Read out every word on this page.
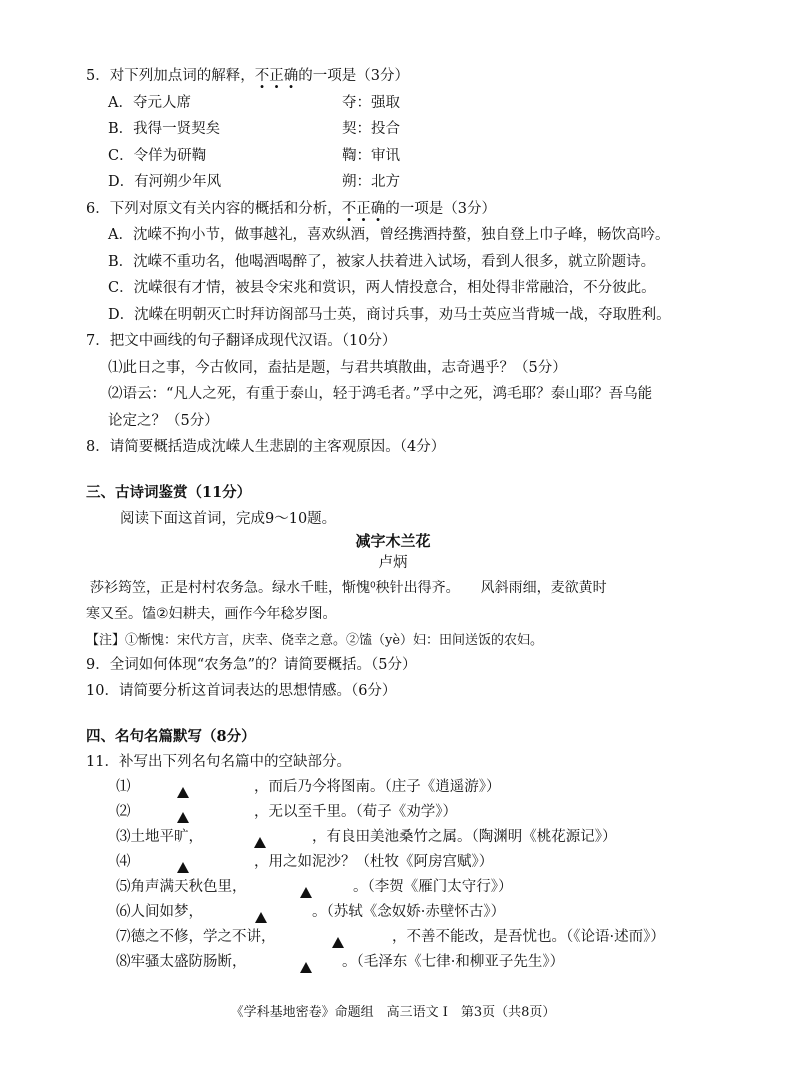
5．对下列加点词的解释，不正确的一项是（3分）
A．夺元人席	夺：强取
B．我得一贤契矣	契：投合
C．令佯为研鞫	鞫：审讯
D．有河朔少年风	朔：北方
6．下列对原文有关内容的概括和分析，不正确的一项是（3分）
A．沈嵘不拘小节，做事越礼，喜欢纵酒，曾经携酒持螯，独自登上巾子峰，畅饮高吟。
B．沈嵘不重功名，他喝酒喝醉了，被家人扶着进入试场，看到人很多，就立阶题诗。
C．沈嵘很有才情，被县令宋兆和赏识，两人情投意合，相处得非常融洽，不分彼此。
D．沈嵘在明朝灭亡时拜访阁部马士英，商讨兵事，劝马士英应当背城一战，夺取胜利。
7．把文中画线的句子翻译成现代汉语。（10分）
⑴此日之事，今古攸同，盍拈是题，与君共填散曲，志奇遇乎？（5分）
⑵语云：“凡人之死，有重于泰山，轻于鸿毛者。”孚中之死，鸿毛耶？泰山耶？吾乌能
论定之？（5分）
8．请简要概括造成沈嵘人生悲剧的主客观原因。（4分）
三、古诗词鉴赏（11分）
阅读下面这首词，完成9～10题。
减字木兰花
卢炳
莎衫筠笠，正是村村农务急。绿水千畦，惭愧⁰秧针出得齐。　　风斜雨细，麦欲黄时
寒又至。馌②妇耕夫，画作今年稔岁图。
【注】①惭愧：宋代方言，庆幸、侥幸之意。②馌（yè）妇：田间送饭的农妇。
9．全词如何体现“农务急”的？请简要概括。（5分）
10．请简要分析这首词表达的思想情感。（6分）
四、名句名篇默写（8分）
11．补写出下列名句名篇中的空缺部分。
⑴	，而后乃今将图南。（庄子《逍遥游》）
⑵	，无以至千里。（荀子《劝学》）
⑶土地平旷，	，有良田美池桑竹之属。（陶渊明《桃花源记》）
⑷	，用之如泥沙？（杜牧《阿房宫赋》）
⑸角声满天秋色里，	。（李贺《雁门太守行》）
⑹人间如梦，	。（苏轼《念奴娇·赤壁怀古》）
⑺德之不修，学之不讲，	，不善不能改，是吾忧也。（《论语·述而》）
⑻牢骚太盛防肠断，	。（毛泽东《七律·和柳亚子先生》）
《学科基地密卷》命题组　高三语文 I　第3页（共8页）
